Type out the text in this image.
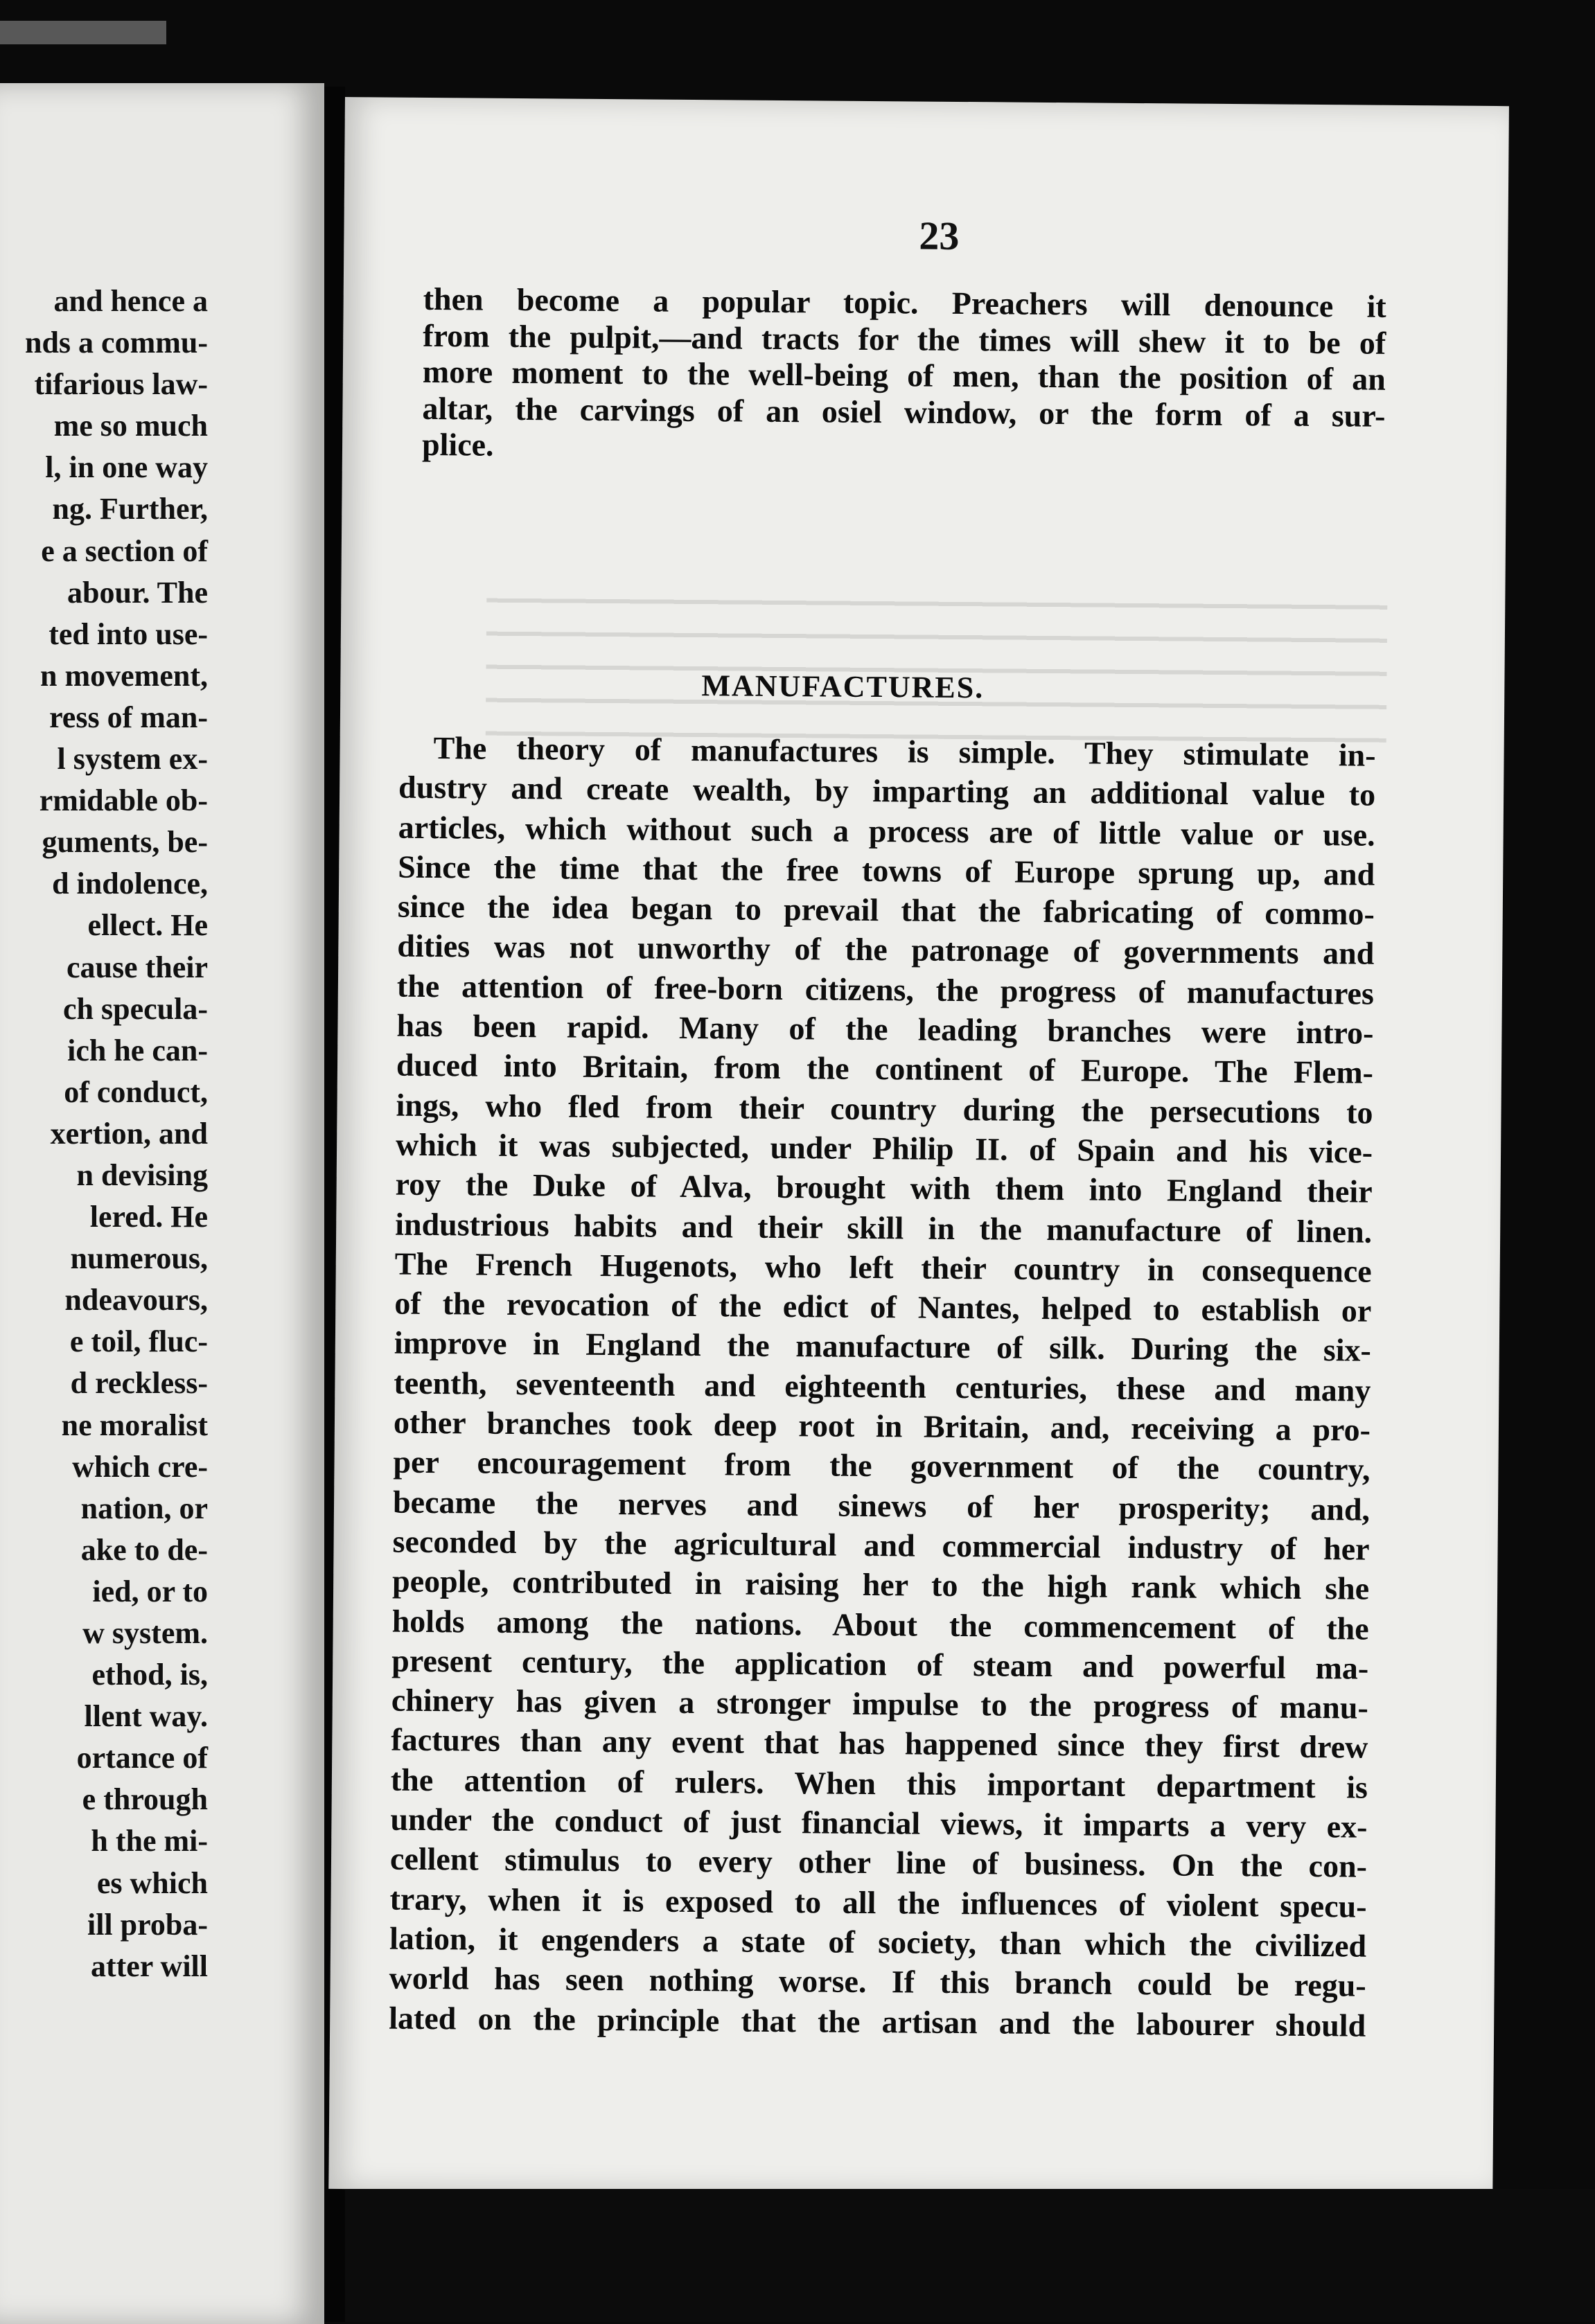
and hence a
nds a commu-
tifarious law-
me so much
l, in one way
ng. Further,
e a section of
abour. The
ted into use-
n movement,
ress of man-
l system ex-
rmidable ob-
guments, be-
d indolence,
ellect. He
cause their
ch specula-
ich he can-
of conduct,
xertion, and
n devising
lered. He
numerous,
ndeavours,
e toil, fluc-
d reckless-
ne moralist
which cre-
nation, or
ake to de-
ied, or to
w system.
ethod, is,
llent way.
ortance of
e through
h the mi-
es which
ill proba-
atter will
23
then become a popular topic. Preachers will denounce it
from the pulpit,—and tracts for the times will shew it to be of
more moment to the well-being of men, than the position of an
altar, the carvings of an osiel window, or the form of a sur-
plice.
MANUFACTURES.
The theory of manufactures is simple. They stimulate in-
dustry and create wealth, by imparting an additional value to
articles, which without such a process are of little value or use.
Since the time that the free towns of Europe sprung up, and
since the idea began to prevail that the fabricating of commo-
dities was not unworthy of the patronage of governments and
the attention of free-born citizens, the progress of manufactures
has been rapid. Many of the leading branches were intro-
duced into Britain, from the continent of Europe. The Flem-
ings, who fled from their country during the persecutions to
which it was subjected, under Philip II. of Spain and his vice-
roy the Duke of Alva, brought with them into England their
industrious habits and their skill in the manufacture of linen.
The French Hugenots, who left their country in consequence
of the revocation of the edict of Nantes, helped to establish or
improve in England the manufacture of silk. During the six-
teenth, seventeenth and eighteenth centuries, these and many
other branches took deep root in Britain, and, receiving a pro-
per encouragement from the government of the country,
became the nerves and sinews of her prosperity; and,
seconded by the agricultural and commercial industry of her
people, contributed in raising her to the high rank which she
holds among the nations. About the commencement of the
present century, the application of steam and powerful ma-
chinery has given a stronger impulse to the progress of manu-
factures than any event that has happened since they first drew
the attention of rulers. When this important department is
under the conduct of just financial views, it imparts a very ex-
cellent stimulus to every other line of business. On the con-
trary, when it is exposed to all the influences of violent specu-
lation, it engenders a state of society, than which the civilized
world has seen nothing worse. If this branch could be regu-
lated on the principle that the artisan and the labourer should
